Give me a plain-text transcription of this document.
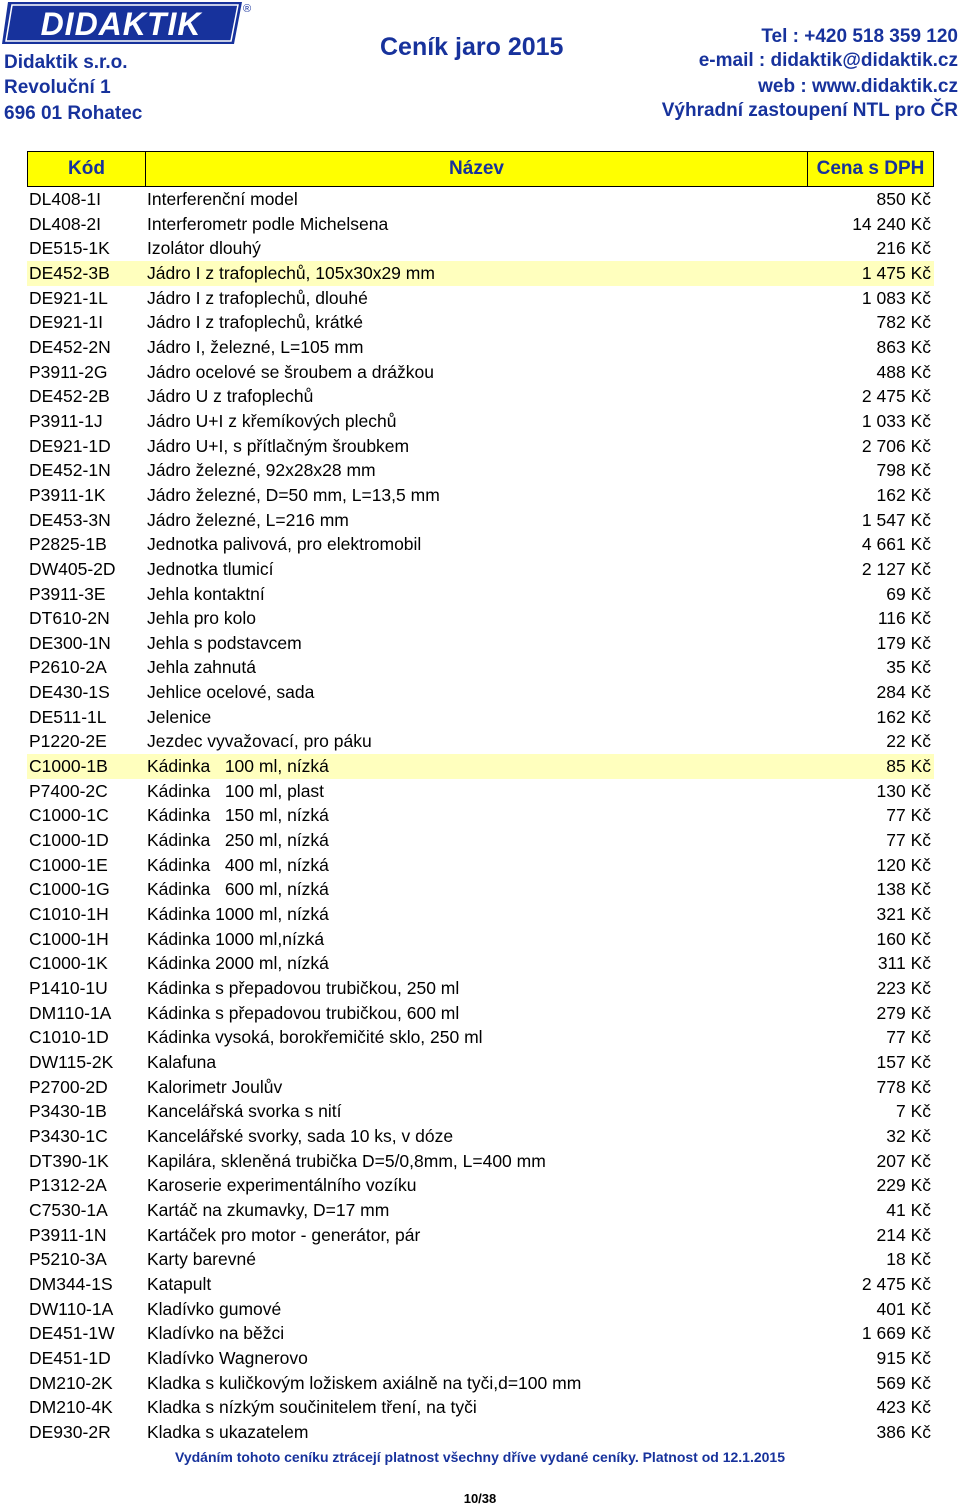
DIDAKTIK	®
Didaktik s.r.o.
Revoluční 1
696 01 Rohatec
Ceník jaro 2015	Tel : +420 518 359 120
e-mail : didaktik@didaktik.cz
web : www.didaktik.cz
Výhradní zastoupení NTL pro ČR
Kód	Název	Cena s DPH
DL408-1I	Interferenční model	850 Kč
DL408-2I	Interferometr podle Michelsena	14 240 Kč
DE515-1K Izolátor dlouhý	216 Kč
DE452-3B Jádro I z trafoplechů, 105x30x29 mm	1 475 Kč
DE921-1L Jádro I z trafoplechů, dlouhé	1 083 Kč
DE921-1I	Jádro I z trafoplechů, krátké	782 Kč
DE452-2N Jádro I, železné, L=105 mm	863 Kč
P3911-2G Jádro ocelové se šroubem a drážkou	488 Kč
DE452-2B Jádro U z trafoplechů	2 475 Kč
P3911-1J	Jádro U+I z křemíkových plechů	1 033 Kč
DE921-1D Jádro U+I, s přítlačným šroubkem	2 706 Kč
DE452-1N Jádro železné, 92x28x28 mm	798 Kč
P3911-1K Jádro železné, D=50 mm, L=13,5 mm	162 Kč
DE453-3N Jádro železné, L=216 mm	1 547 Kč
P2825-1B Jednotka palivová, pro elektromobil	4 661 Kč
DW405-2D Jednotka tlumicí	2 127 Kč
P3911-3E Jehla kontaktní	69 Kč
DT610-2N Jehla pro kolo	116 Kč
DE300-1N Jehla s podstavcem	179 Kč
P2610-2A Jehla zahnutá	35 Kč
DE430-1S Jehlice ocelové, sada	284 Kč
DE511-1L Jelenice	162 Kč
P1220-2E Jezdec vyvažovací, pro páku	22 Kč
C1000-1B Kádinka   100 ml, nízká	85 Kč
P7400-2C Kádinka   100 ml, plast	130 Kč
C1000-1C Kádinka   150 ml, nízká	77 Kč
C1000-1D Kádinka   250 ml, nízká	77 Kč
C1000-1E Kádinka   400 ml, nízká	120 Kč
C1000-1G Kádinka   600 ml, nízká	138 Kč
C1010-1H Kádinka 1000 ml, nízká	321 Kč
C1000-1H Kádinka 1000 ml,nízká	160 Kč
C1000-1K Kádinka 2000 ml, nízká	311 Kč
P1410-1U Kádinka s přepadovou trubičkou, 250 ml	223 Kč
DM110-1A Kádinka s přepadovou trubičkou, 600 ml	279 Kč
C1010-1D Kádinka vysoká, borokřemičité sklo, 250 ml	77 Kč
DW115-2K Kalafuna	157 Kč
P2700-2D Kalorimetr Joulův	778 Kč
P3430-1B Kancelářská svorka s nití	7 Kč
P3430-1C Kancelářské svorky, sada 10 ks, v dóze	32 Kč
DT390-1K Kapilára, skleněná trubička D=5/0,8mm, L=400 mm	207 Kč
P1312-2A Karoserie experimentálního vozíku	229 Kč
C7530-1A Kartáč na zkumavky, D=17 mm	41 Kč
P3911-1N Kartáček pro motor - generátor, pár	214 Kč
P5210-3A Karty barevné	18 Kč
DM344-1S Katapult	2 475 Kč
DW110-1A Kladívko gumové	401 Kč
DE451-1W Kladívko na běžci	1 669 Kč
DE451-1D Kladívko Wagnerovo	915 Kč
DM210-2K Kladka s kuličkovým ložiskem axiálně na tyči,d=100 mm	569 Kč
DM210-4K Kladka s nízkým součinitelem tření, na tyči	423 Kč
DE930-2R Kladka s ukazatelem	386 Kč
Vydáním tohoto ceníku ztrácejí platnost všechny dříve vydané ceníky. Platnost od 12.1.2015
10/38
